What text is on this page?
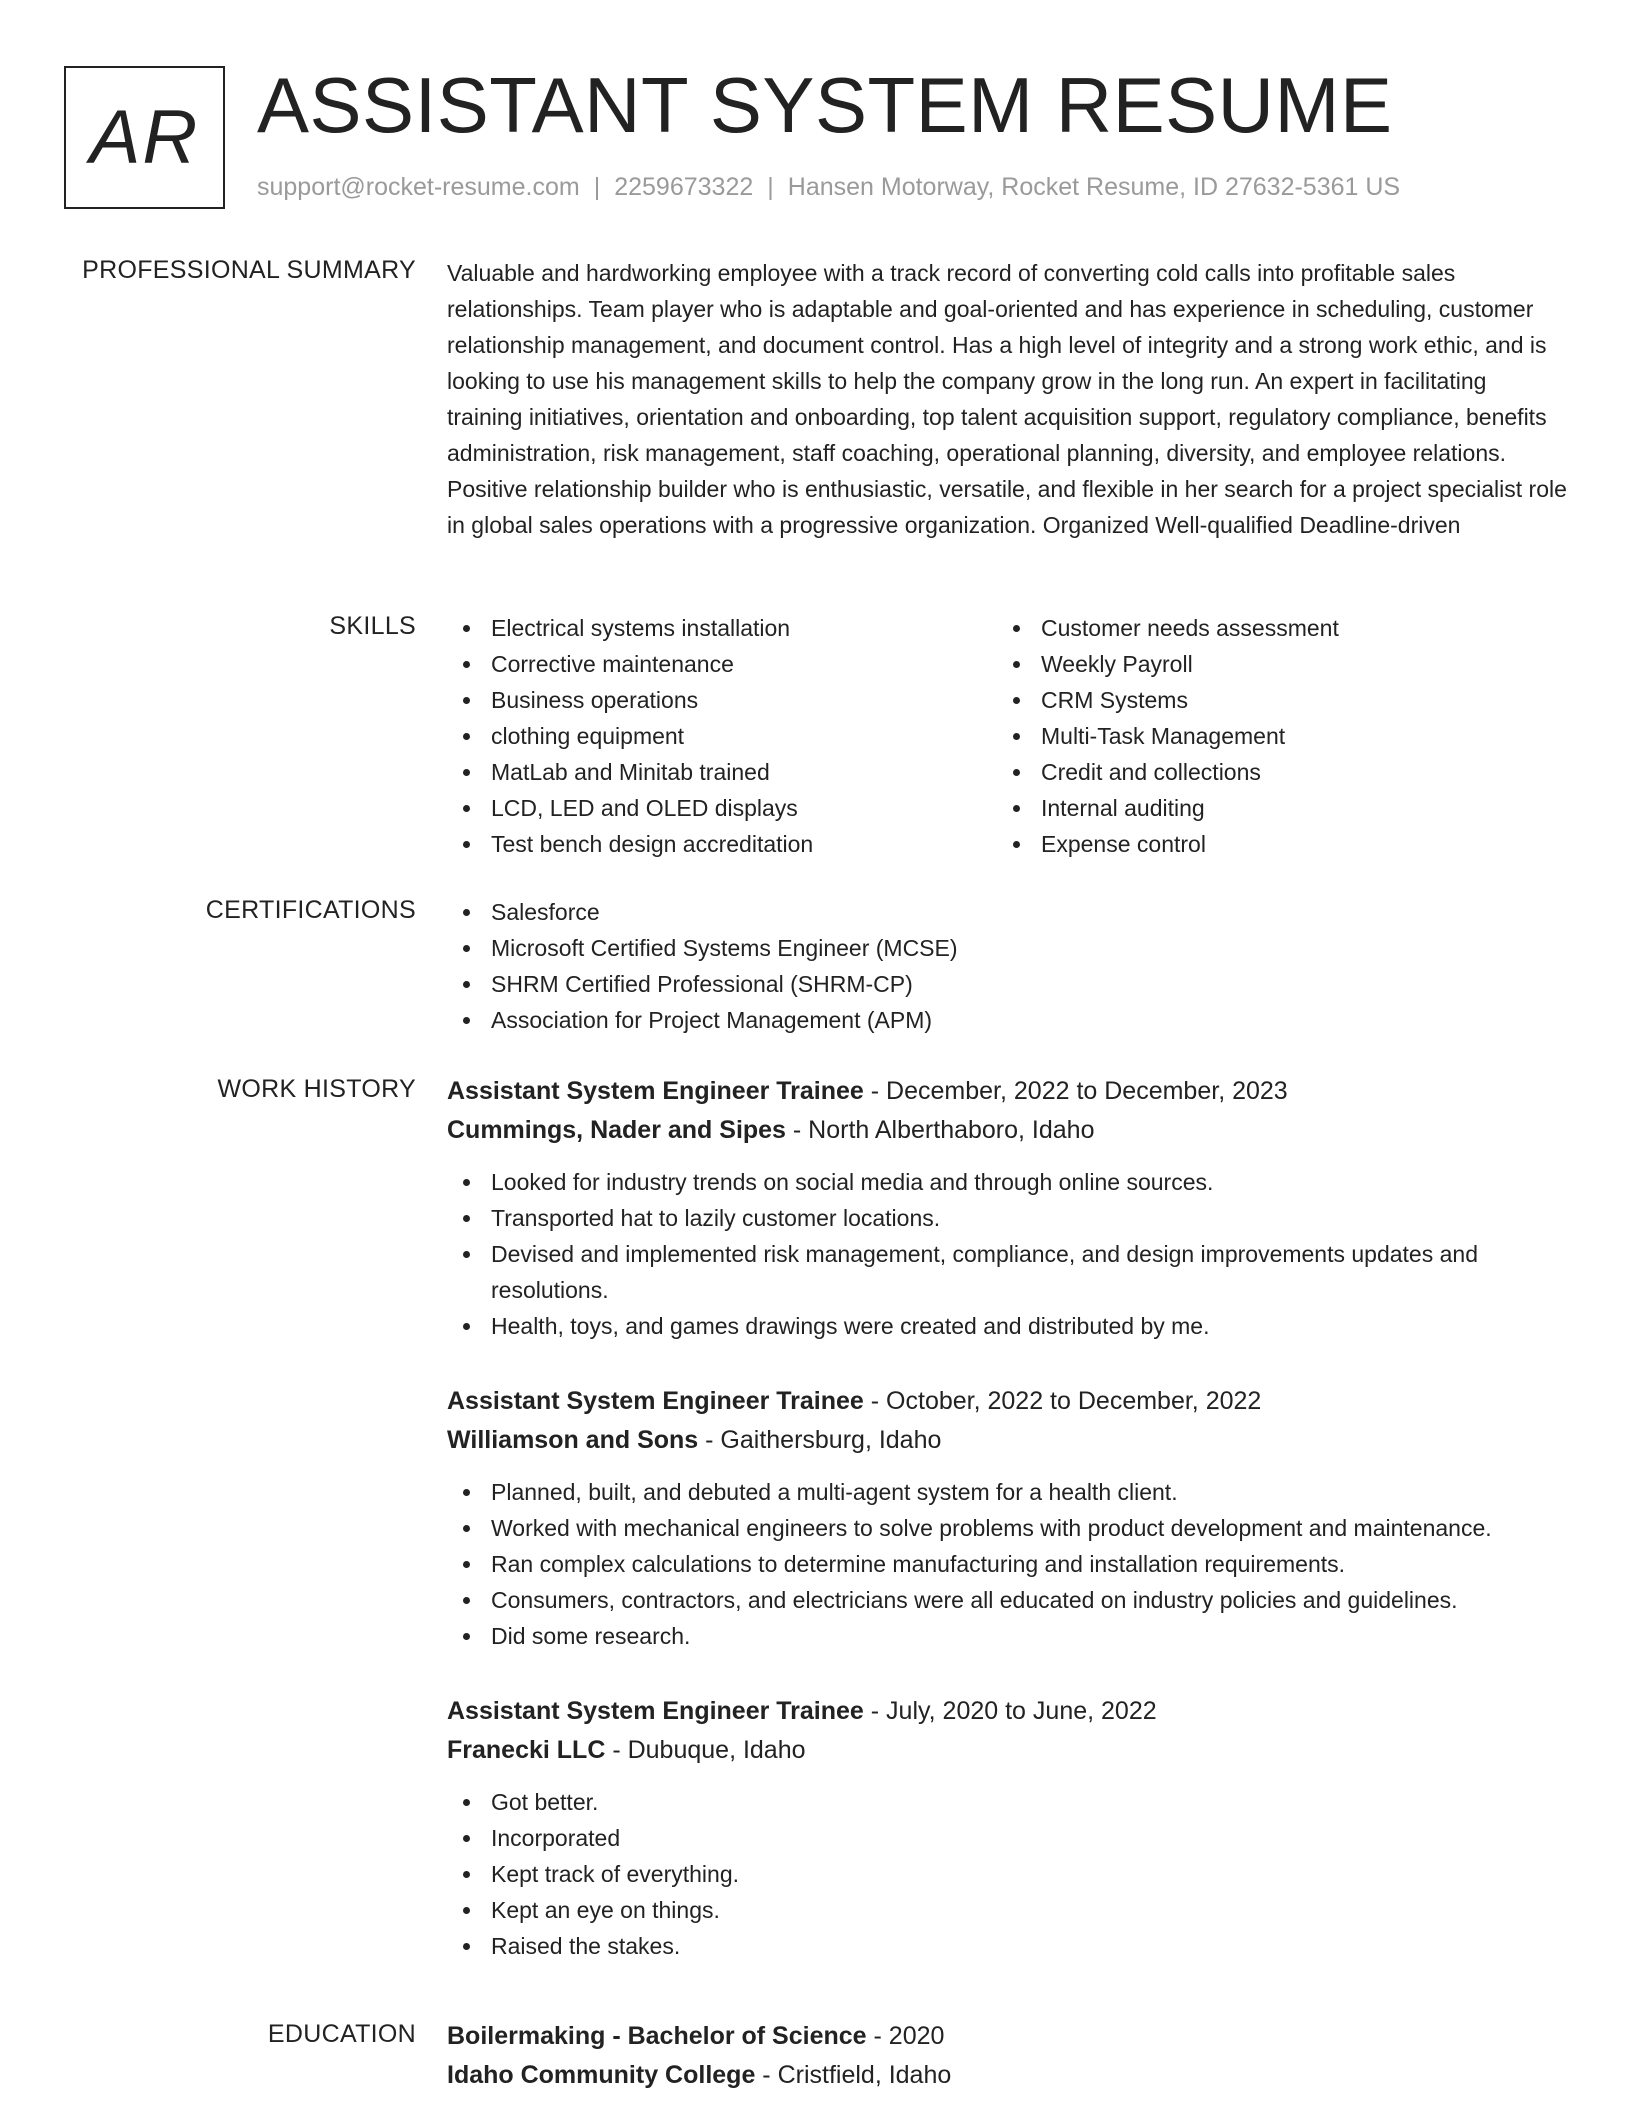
AR ASSISTANT SYSTEM RESUME
support@rocket-resume.com | 2259673322 | Hansen Motorway, Rocket Resume, ID 27632-5361 US
PROFESSIONAL SUMMARY Valuable and hardworking employee with a track record of converting cold calls into profitable sales relationships. Team player who is adaptable and goal-oriented and has experience in scheduling, customer relationship management, and document control. Has a high level of integrity and a strong work ethic, and is looking to use his management skills to help the company grow in the long run. An expert in facilitating training initiatives, orientation and onboarding, top talent acquisition support, regulatory compliance, benefits administration, risk management, staff coaching, operational planning, diversity, and employee relations. Positive relationship builder who is enthusiastic, versatile, and flexible in her search for a project specialist role in global sales operations with a progressive organization. Organized Well-qualified Deadline-driven
SKILLS	Electrical systems installation
Corrective maintenance
Business operations
clothing equipment
MatLab and Minitab trained
LCD, LED and OLED displays
Test bench design accreditation
Customer needs assessment
Weekly Payroll
CRM Systems
Multi-Task Management
Credit and collections
Internal auditing
Expense control
CERTIFICATIONS	Salesforce
Microsoft Certified Systems Engineer (MCSE)
SHRM Certified Professional (SHRM-CP)
Association for Project Management (APM)
WORK HISTORY Assistant System Engineer Trainee - December, 2022 to December, 2023
Cummings, Nader and Sipes - North Alberthaboro, Idaho
Looked for industry trends on social media and through online sources.
Transported hat to lazily customer locations.
Devised and implemented risk management, compliance, and design improvements updates and resolutions.
Health, toys, and games drawings were created and distributed by me.
Assistant System Engineer Trainee - October, 2022 to December, 2022
Williamson and Sons - Gaithersburg, Idaho
Planned, built, and debuted a multi-agent system for a health client.
Worked with mechanical engineers to solve problems with product development and maintenance.
Ran complex calculations to determine manufacturing and installation requirements.
Consumers, contractors, and electricians were all educated on industry policies and guidelines.
Did some research.
Assistant System Engineer Trainee - July, 2020 to June, 2022
Franecki LLC - Dubuque, Idaho
Got better.
Incorporated
Kept track of everything.
Kept an eye on things.
Raised the stakes.
EDUCATION Boilermaking - Bachelor of Science - 2020
Idaho Community College - Cristfield, Idaho
